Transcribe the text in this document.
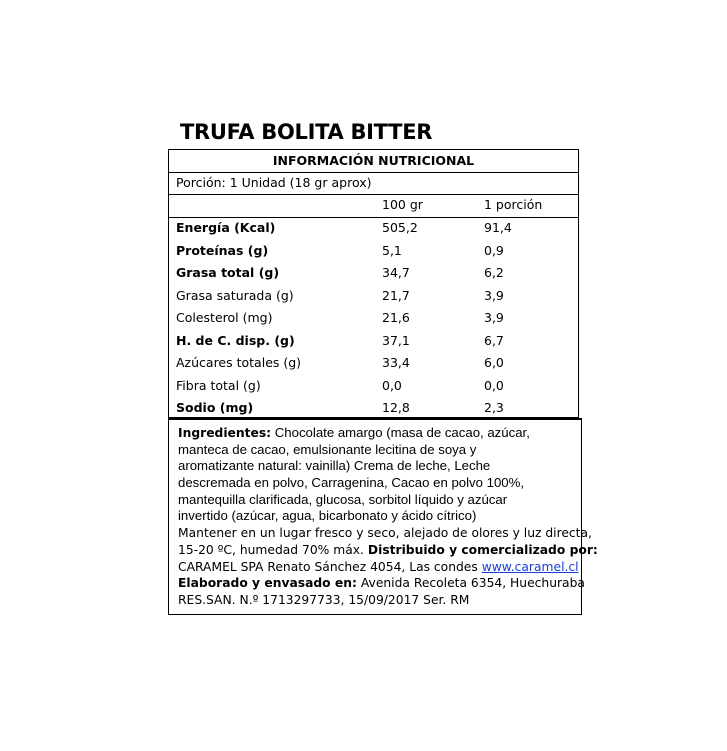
TRUFA BOLITA BITTER
INFORMACIÓN NUTRICIONAL
Porción: 1 Unidad (18 gr aprox)
100 gr	1 porción
Energía (Kcal)	505,2	91,4
Proteínas (g)	5,1	0,9
Grasa total (g)	34,7	6,2
Grasa saturada (g)	21,7	3,9
Colesterol (mg)	21,6	3,9
H. de C. disp. (g)	37,1	6,7
Azúcares totales (g)	33,4	6,0
Fibra total (g)	0,0	0,0
Sodio (mg)	12,8	2,3
Ingredientes: Chocolate amargo (masa de cacao, azúcar,
manteca de cacao, emulsionante lecitina de soya y
aromatizante natural: vainilla) Crema de leche, Leche
descremada en polvo, Carragenina, Cacao en polvo 100%,
mantequilla clarificada, glucosa, sorbitol líquido y azúcar
invertido (azúcar, agua, bicarbonato y ácido cítrico)
Mantener en un lugar fresco y seco, alejado de olores y luz directa,
15-20 ºC, humedad 70% máx. Distribuido y comercializado por:
CARAMEL SPA Renato Sánchez 4054, Las condes www.caramel.cl
Elaborado y envasado en: Avenida Recoleta 6354, Huechuraba
RES.SAN. N.º 1713297733, 15/09/2017 Ser. RM
